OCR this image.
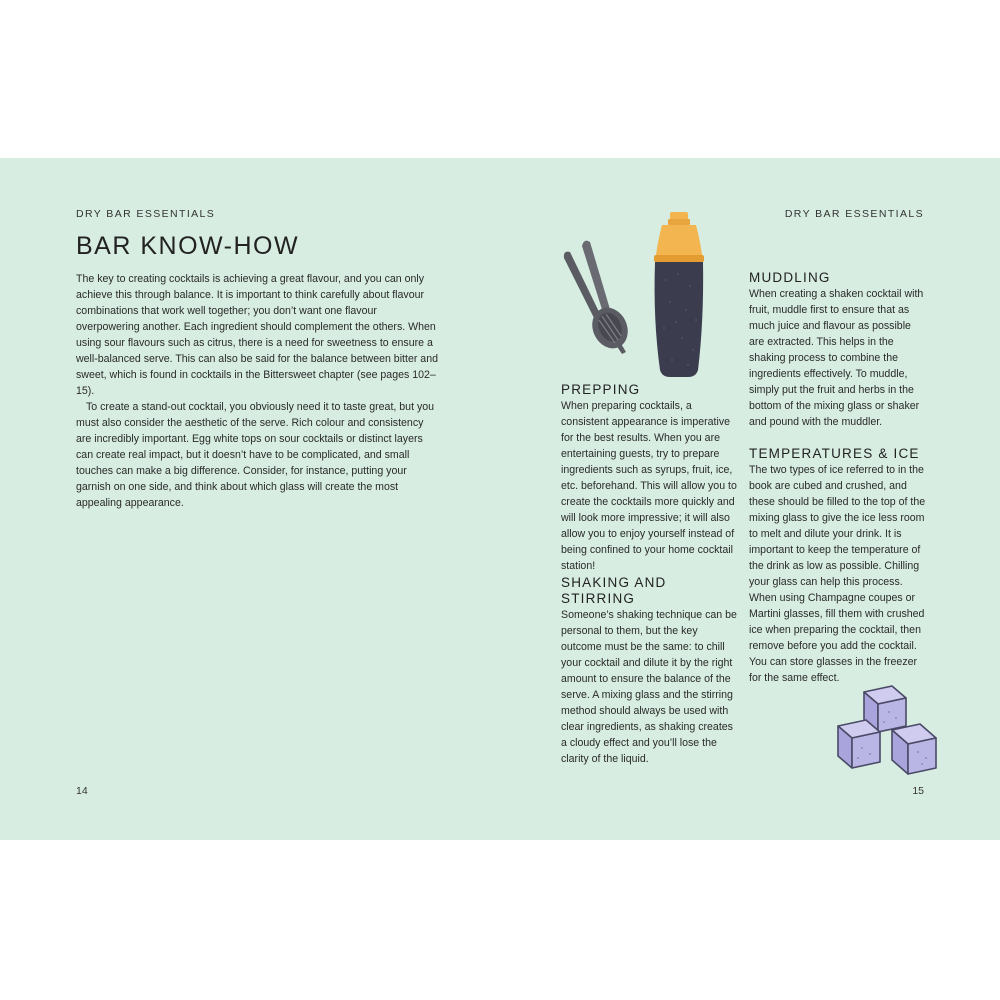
DRY BAR ESSENTIALS
BAR KNOW-HOW

The key to creating cocktails is achieving a great flavour, and you can only achieve this through balance. It is important to think carefully about flavour combinations that work well together; you don’t want one flavour overpowering another. Each ingredient should complement the others. When using sour flavours such as citrus, there is a need for sweetness to ensure a well-balanced serve. This can also be said for the balance between bitter and sweet, which is found in cocktails in the Bittersweet chapter (see pages 102–15).

To create a stand-out cocktail, you obviously need it to taste great, but you must also consider the aesthetic of the serve. Rich colour and consistency are incredibly important. Egg white tops on sour cocktails or distinct layers can create real impact, but it doesn’t have to be complicated, and small touches can make a big difference. Consider, for instance, putting your garnish on one side, and think about which glass will create the most appealing appearance.

14
DRY BAR ESSENTIALS
PREPPING

When preparing cocktails, a consistent appearance is imperative for the best results. When you are entertaining guests, try to prepare ingredients such as syrups, fruit, ice, etc. beforehand. This will allow you to create the cocktails more quickly and will look more impressive; it will also allow you to enjoy yourself instead of being confined to your home cocktail station!

SHAKING AND STIRRING

Someone’s shaking technique can be personal to them, but the key outcome must be the same: to chill your cocktail and dilute it by the right amount to ensure the balance of the serve. A mixing glass and the stirring method should always be used with clear ingredients, as shaking creates a cloudy effect and you’ll lose the clarity of the liquid.

MUDDLING

When creating a shaken cocktail with fruit, muddle first to ensure that as much juice and flavour as possible are extracted. This helps in the shaking process to combine the ingredients effectively. To muddle, simply put the fruit and herbs in the bottom of the mixing glass or shaker and pound with the muddler.

TEMPERATURES & ICE

The two types of ice referred to in the book are cubed and crushed, and these should be filled to the top of the mixing glass to give the ice less room to melt and dilute your drink. It is important to keep the temperature of the drink as low as possible. Chilling your glass can help this process. When using Champagne coupes or Martini glasses, fill them with crushed ice when preparing the cocktail, then remove before you add the cocktail. You can store glasses in the freezer for the same effect.

15
